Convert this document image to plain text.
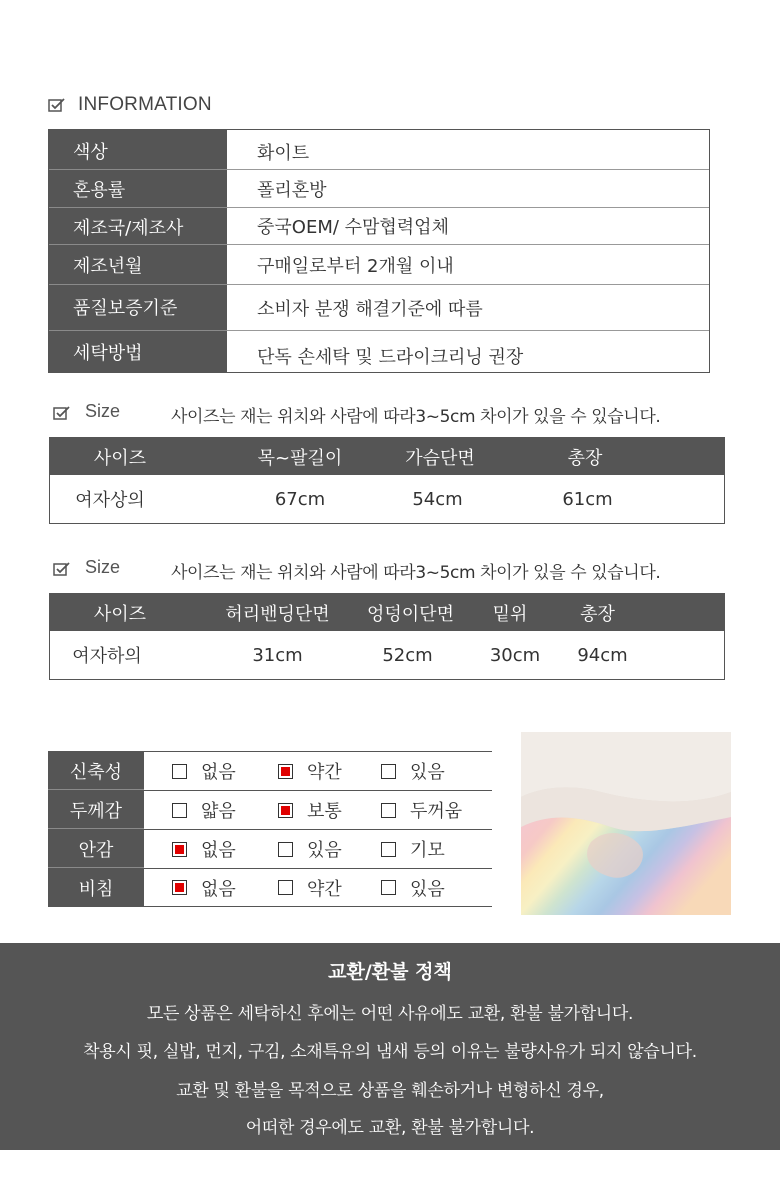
INFORMATION
색상	화이트
혼용률	폴리혼방
제조국/제조사	중국OEM/ 수맘협력업체
제조년월	구매일로부터 2개월 이내
품질보증기준	소비자 분쟁 해결기준에 따름
세탁방법	단독 손세탁 및 드라이크리닝 권장
Size	사이즈는 재는 위치와 사람에 따라3~5cm 차이가 있을 수 있습니다.
사이즈	목~팔길이	가슴단면	총장
여자상의	67cm	54cm	61cm
Size	사이즈는 재는 위치와 사람에 따라3~5cm 차이가 있을 수 있습니다.
사이즈	허리밴딩단면	엉덩이단면	밑위	총장
여자하의	31cm	52cm	30cm	94cm
신축성	없음	약간	있음
두께감	얇음	보통	두꺼움
안감	없음	있음	기모
비침	없음	약간	있음
교환/환불 정책
모든 상품은 세탁하신 후에는 어떤 사유에도 교환, 환불 불가합니다.
착용시 핏, 실밥, 먼지, 구김, 소재특유의 냄새 등의 이유는 불량사유가 되지 않습니다.
교환 및 환불을 목적으로 상품을 훼손하거나 변형하신 경우,
어떠한 경우에도 교환, 환불 불가합니다.
